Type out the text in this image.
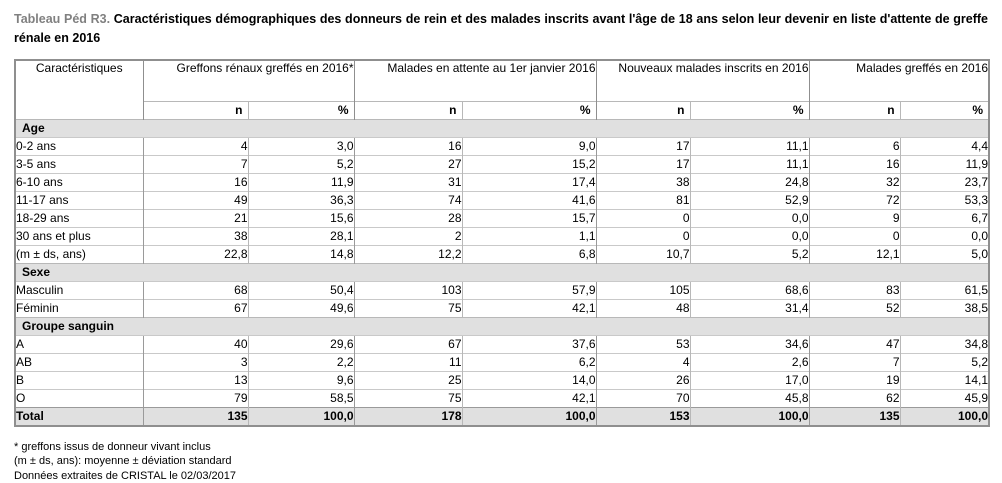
Tableau Péd R3. Caractéristiques démographiques des donneurs de rein et des malades inscrits avant l'âge de 18 ans selon leur devenir en liste d'attente de greffe rénale en 2016
Caractéristiques	Greffons rénaux greffés en 2016*		Malades en attente au 1er janvier 2016		Nouveaux malades inscrits en 2016		Malades greffés en 2016	
	n	%	n	%	n	%	n	%
Age								
0-2 ans	4	3,0	16	9,0	17	11,1	6	4,4
3-5 ans	7	5,2	27	15,2	17	11,1	16	11,9
6-10 ans	16	11,9	31	17,4	38	24,8	32	23,7
11-17 ans	49	36,3	74	41,6	81	52,9	72	53,3
18-29 ans	21	15,6	28	15,7	0	0,0	9	6,7
30 ans et plus	38	28,1	2	1,1	0	0,0	0	0,0
(m ± ds, ans)	22,8	14,8	12,2	6,8	10,7	5,2	12,1	5,0
Sexe								
Masculin	68	50,4	103	57,9	105	68,6	83	61,5
Féminin	67	49,6	75	42,1	48	31,4	52	38,5
Groupe sanguin								
A	40	29,6	67	37,6	53	34,6	47	34,8
AB	3	2,2	11	6,2	4	2,6	7	5,2
B	13	9,6	25	14,0	26	17,0	19	14,1
O	79	58,5	75	42,1	70	45,8	62	45,9
Total	135	100,0	178	100,0	153	100,0	135	100,0
* greffons issus de donneur vivant inclus
(m ± ds, ans): moyenne ± déviation standard
Données extraites de CRISTAL le 02/03/2017
